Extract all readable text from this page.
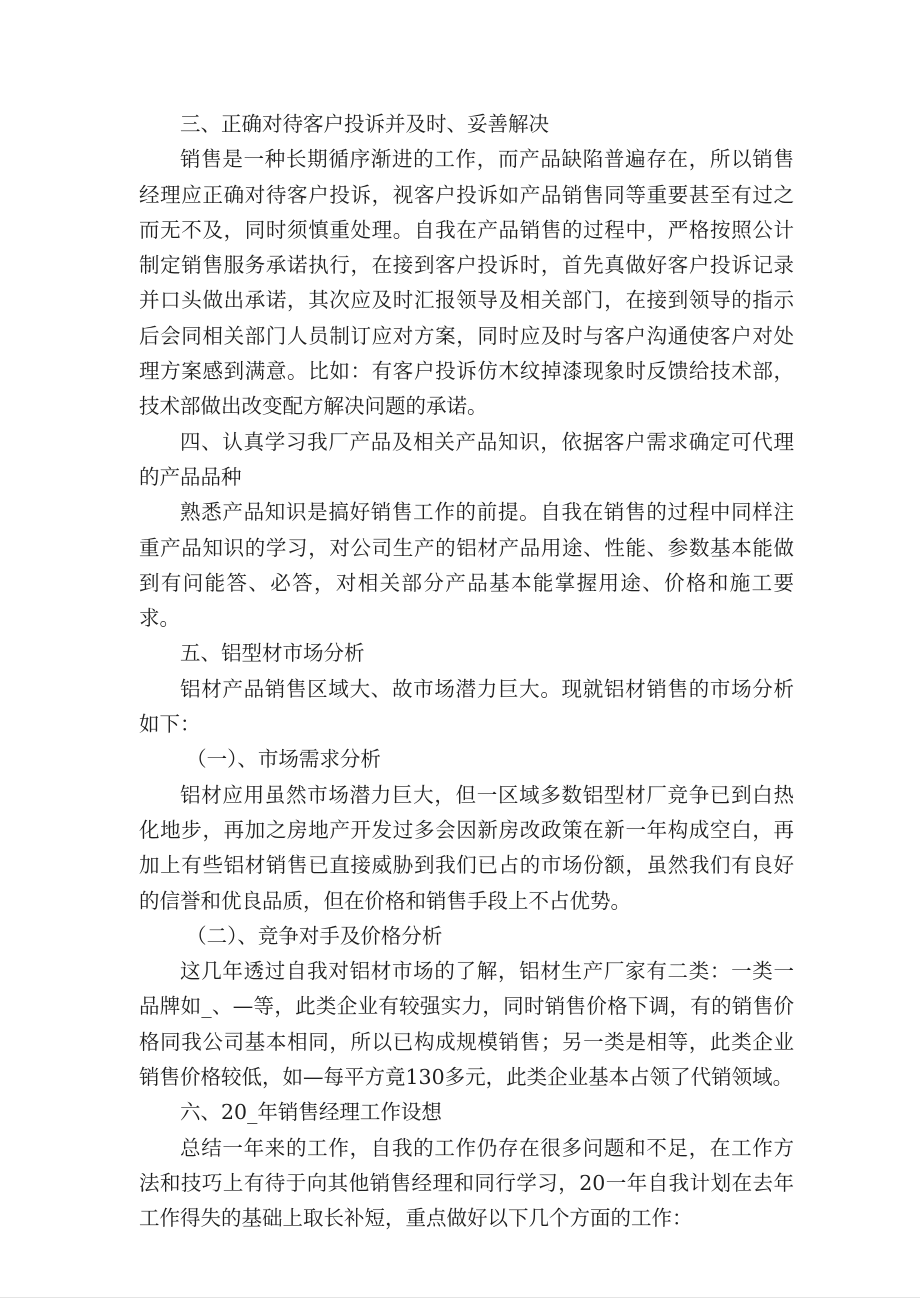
三、正确对待客户投诉并及时、妥善解决

销售是一种长期循序渐进的工作，而产品缺陷普遍存在，所以销售经理应正确对待客户投诉，视客户投诉如产品销售同等重要甚至有过之而无不及，同时须慎重处理。自我在产品销售的过程中，严格按照公计制定销售服务承诺执行，在接到客户投诉时，首先真做好客户投诉记录并口头做出承诺，其次应及时汇报领导及相关部门，在接到领导的指示后会同相关部门人员制订应对方案，同时应及时与客户沟通使客户对处理方案感到满意。比如：有客户投诉仿木纹掉漆现象时反馈给技术部，技术部做出改变配方解决问题的承诺。

四、认真学习我厂产品及相关产品知识，依据客户需求确定可代理的产品品种

熟悉产品知识是搞好销售工作的前提。自我在销售的过程中同样注重产品知识的学习，对公司生产的铝材产品用途、性能、参数基本能做到有问能答、必答，对相关部分产品基本能掌握用途、价格和施工要求。

五、铝型材市场分析

铝材产品销售区域大、故市场潜力巨大。现就铝材销售的市场分析如下：

（一）、市场需求分析

铝材应用虽然市场潜力巨大，但一区域多数铝型材厂竞争已到白热化地步，再加之房地产开发过多会因新房改政策在新一年构成空白，再加上有些铝材销售已直接威胁到我们已占的市场份额，虽然我们有良好的信誉和优良品质，但在价格和销售手段上不占优势。

（二）、竞争对手及价格分析

这几年透过自我对铝材市场的了解，铝材生产厂家有二类：一类一品牌如_、—等，此类企业有较强实力，同时销售价格下调，有的销售价格同我公司基本相同，所以已构成规模销售；另一类是相等，此类企业销售价格较低，如—每平方竟130多元，此类企业基本占领了代销领域。

六、20_年销售经理工作设想

总结一年来的工作，自我的工作仍存在很多问题和不足，在工作方法和技巧上有待于向其他销售经理和同行学习，20一年自我计划在去年工作得失的基础上取长补短，重点做好以下几个方面的工作：
